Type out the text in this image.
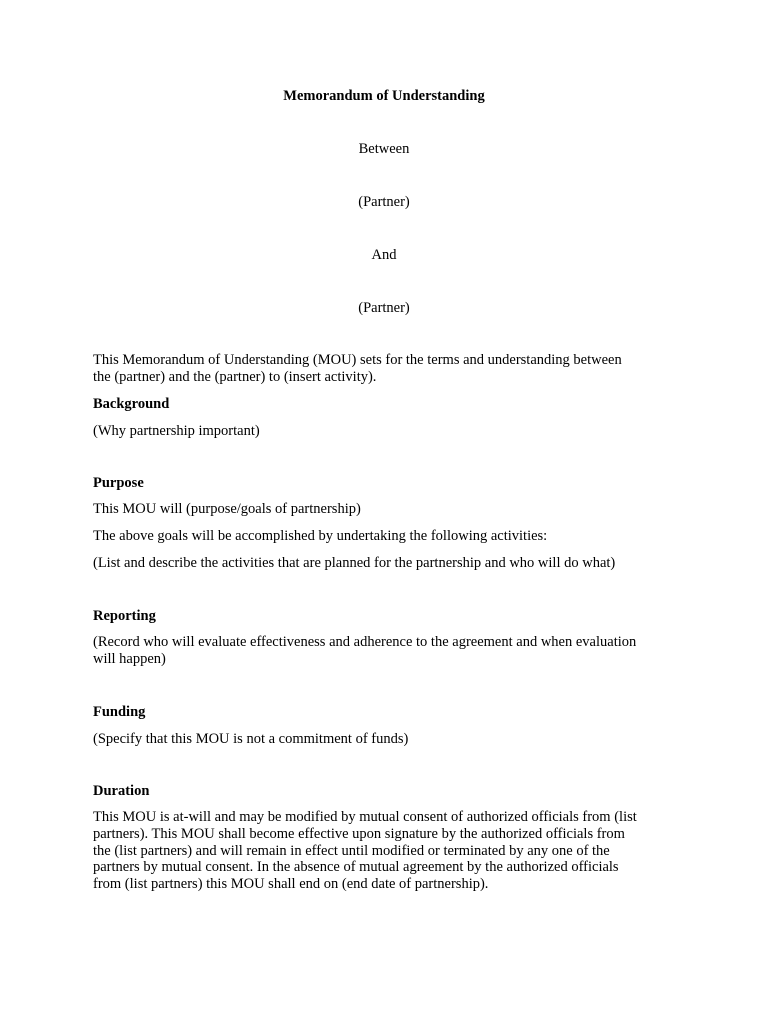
Memorandum of Understanding
Between
(Partner)
And
(Partner)
This Memorandum of Understanding (MOU) sets for the terms and understanding between
the (partner) and the (partner) to (insert activity).
Background
(Why partnership important)
Purpose
This MOU will (purpose/goals of partnership)
The above goals will be accomplished by undertaking the following activities:
(List and describe the activities that are planned for the partnership and who will do what)
Reporting
(Record who will evaluate effectiveness and adherence to the agreement and when evaluation
will happen)
Funding
(Specify that this MOU is not a commitment of funds)
Duration
This MOU is at-will and may be modified by mutual consent of authorized officials from (list
partners). This MOU shall become effective upon signature by the authorized officials from
the (list partners) and will remain in effect until modified or terminated by any one of the
partners by mutual consent. In the absence of mutual agreement by the authorized officials
from (list partners) this MOU shall end on (end date of partnership).
